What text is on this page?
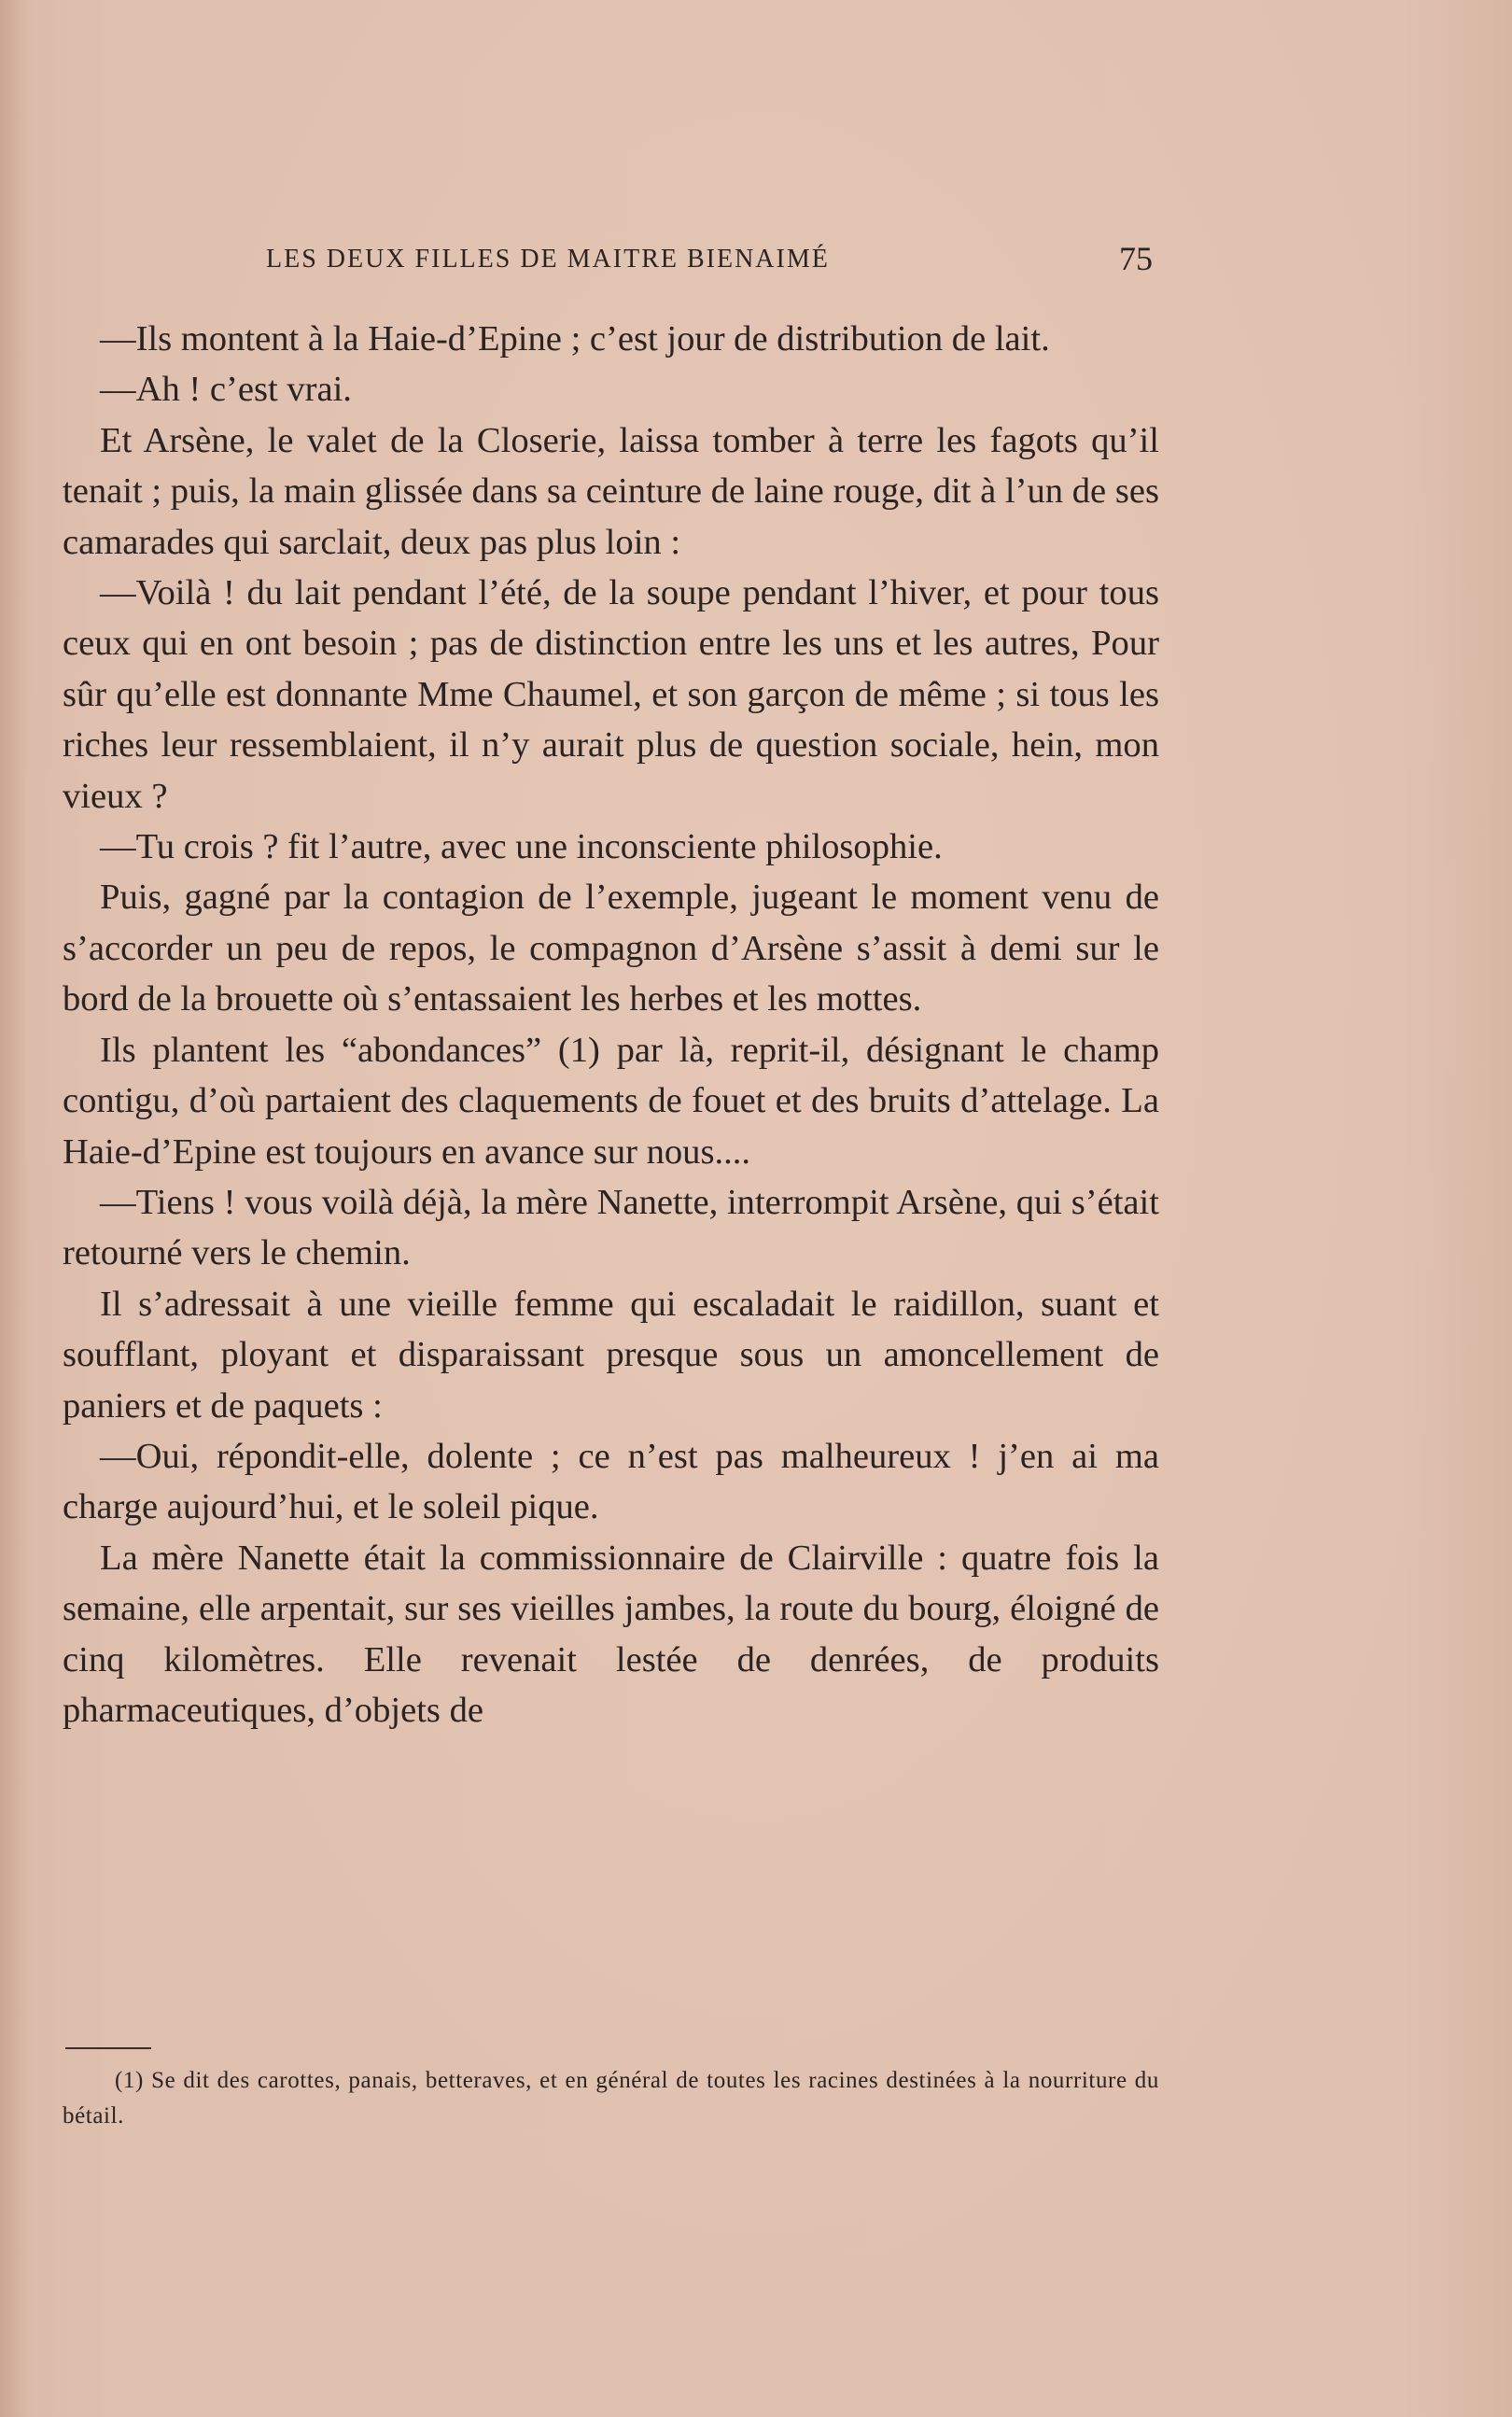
LES DEUX FILLES DE MAITRE BIENAIMÉ	75

—Ils montent à la Haie-d’Epine ; c’est jour de distribution de lait.

—Ah ! c’est vrai.

Et Arsène, le valet de la Closerie, laissa tomber à terre les fagots qu’il tenait ; puis, la main glissée dans sa ceinture de laine rouge, dit à l’un de ses camarades qui sarclait, deux pas plus loin :

—Voilà ! du lait pendant l’été, de la soupe pendant l’hiver, et pour tous ceux qui en ont besoin ; pas de distinction entre les uns et les autres, Pour sûr qu’elle est donnante Mme Chaumel, et son garçon de même ; si tous les riches leur ressemblaient, il n’y aurait plus de question sociale, hein, mon vieux ?

—Tu crois ? fit l’autre, avec une inconsciente philosophie.

Puis, gagné par la contagion de l’exemple, jugeant le moment venu de s’accorder un peu de repos, le compagnon d’Arsène s’assit à demi sur le bord de la brouette où s’entassaient les herbes et les mottes.

Ils plantent les “abondances” (1) par là, reprit-il, désignant le champ contigu, d’où partaient des claquements de fouet et des bruits d’attelage. La Haie-d’Epine est toujours en avance sur nous....

—Tiens ! vous voilà déjà, la mère Nanette, interrompit Arsène, qui s’était retourné vers le chemin.

Il s’adressait à une vieille femme qui escaladait le raidillon, suant et soufflant, ployant et disparaissant presque sous un amoncellement de paniers et de paquets :

—Oui, répondit-elle, dolente ; ce n’est pas malheureux ! j’en ai ma charge aujourd’hui, et le soleil pique.

La mère Nanette était la commissionnaire de Clairville : quatre fois la semaine, elle arpentait, sur ses vieilles jambes, la route du bourg, éloigné de cinq kilomètres. Elle revenait lestée de denrées, de produits pharmaceutiques, d’objets de

(1) Se dit des carottes, panais, betteraves, et en général de toutes les racines destinées à la nourriture du bétail.
